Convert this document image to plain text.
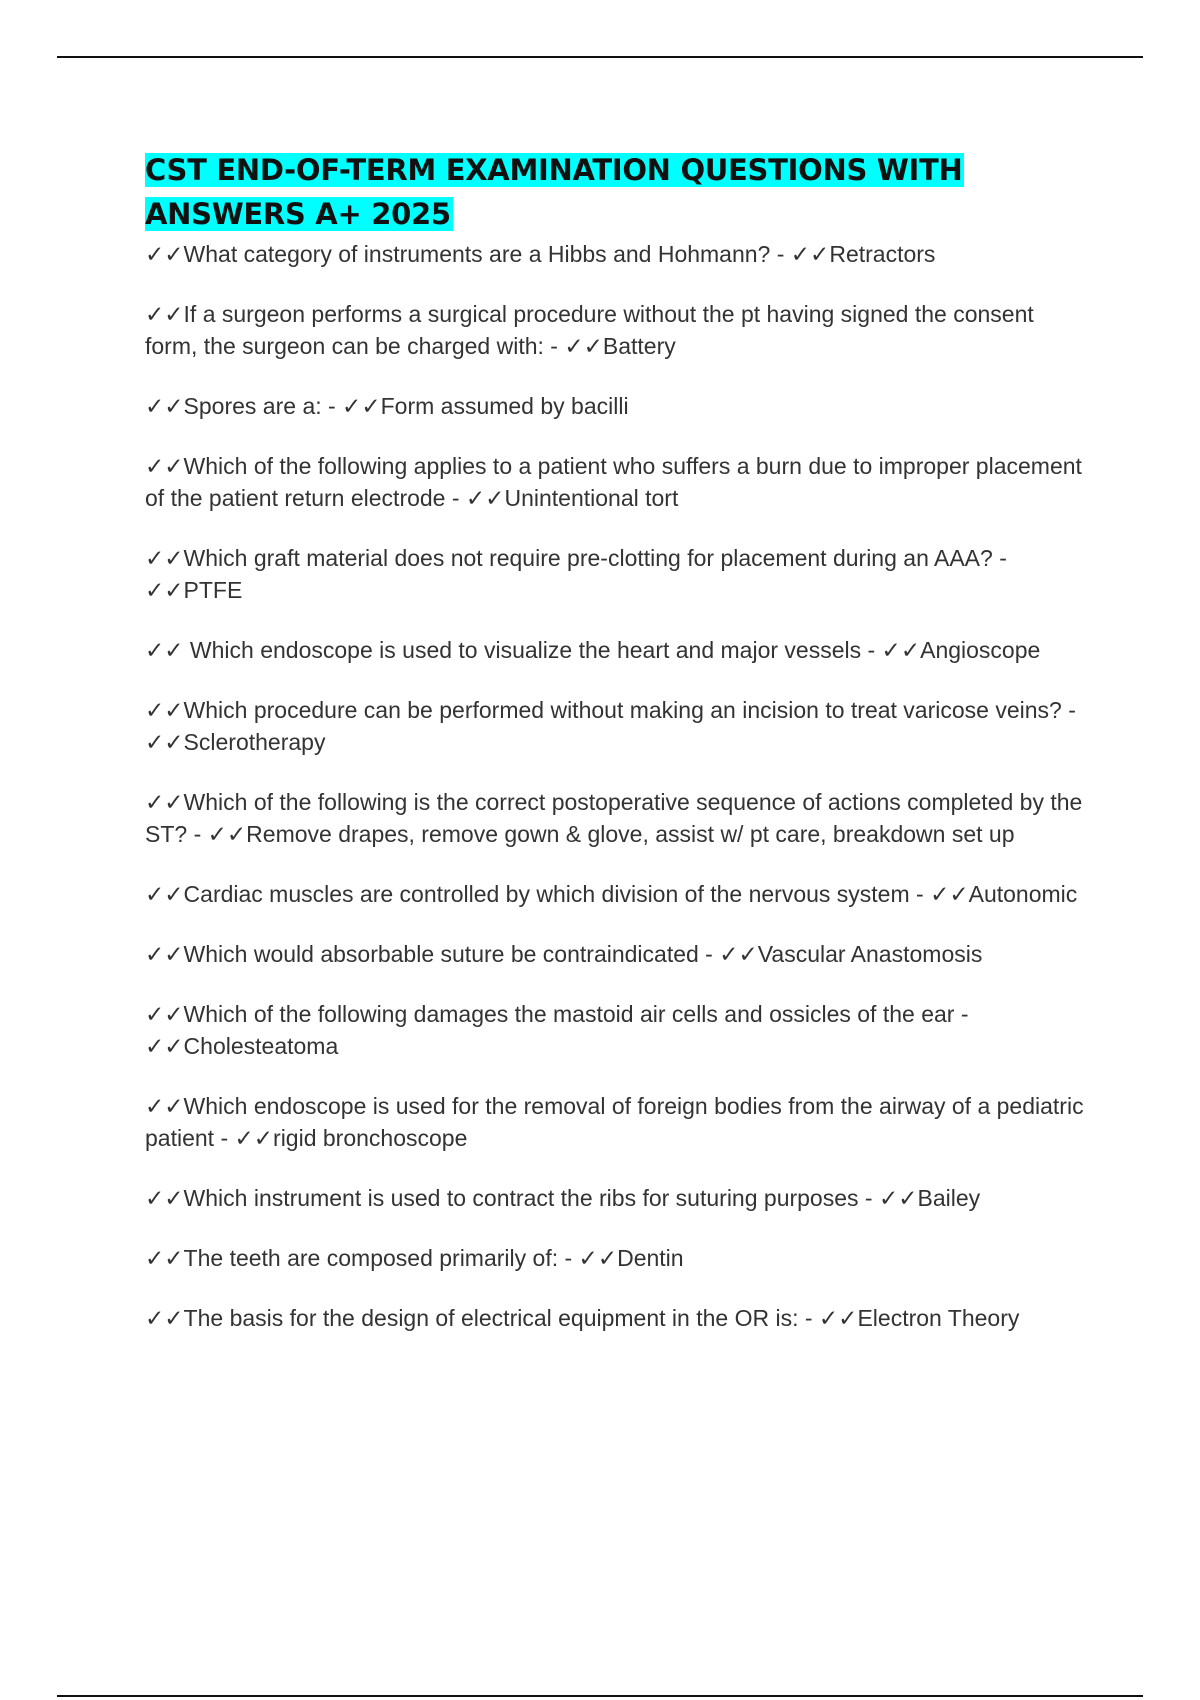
CST END-OF-TERM EXAMINATION QUESTIONS WITH ANSWERS A+ 2025

✓✓What category of instruments are a Hibbs and Hohmann? - ✓✓Retractors

✓✓If a surgeon performs a surgical procedure without the pt having signed the consent form, the surgeon can be charged with: - ✓✓Battery

✓✓Spores are a: - ✓✓Form assumed by bacilli

✓✓Which of the following applies to a patient who suffers a burn due to improper placement of the patient return electrode - ✓✓Unintentional tort

✓✓Which graft material does not require pre-clotting for placement during an AAA? - ✓✓PTFE

✓✓ Which endoscope is used to visualize the heart and major vessels - ✓✓Angioscope

✓✓Which procedure can be performed without making an incision to treat varicose veins? - ✓✓Sclerotherapy

✓✓Which of the following is the correct postoperative sequence of actions completed by the ST? - ✓✓Remove drapes, remove gown & glove, assist w/ pt care, breakdown set up

✓✓Cardiac muscles are controlled by which division of the nervous system - ✓✓Autonomic

✓✓Which would absorbable suture be contraindicated - ✓✓Vascular Anastomosis

✓✓Which of the following damages the mastoid air cells and ossicles of the ear - ✓✓Cholesteatoma

✓✓Which endoscope is used for the removal of foreign bodies from the airway of a pediatric patient - ✓✓rigid bronchoscope

✓✓Which instrument is used to contract the ribs for suturing purposes - ✓✓Bailey

✓✓The teeth are composed primarily of: - ✓✓Dentin

✓✓The basis for the design of electrical equipment in the OR is: - ✓✓Electron Theory
